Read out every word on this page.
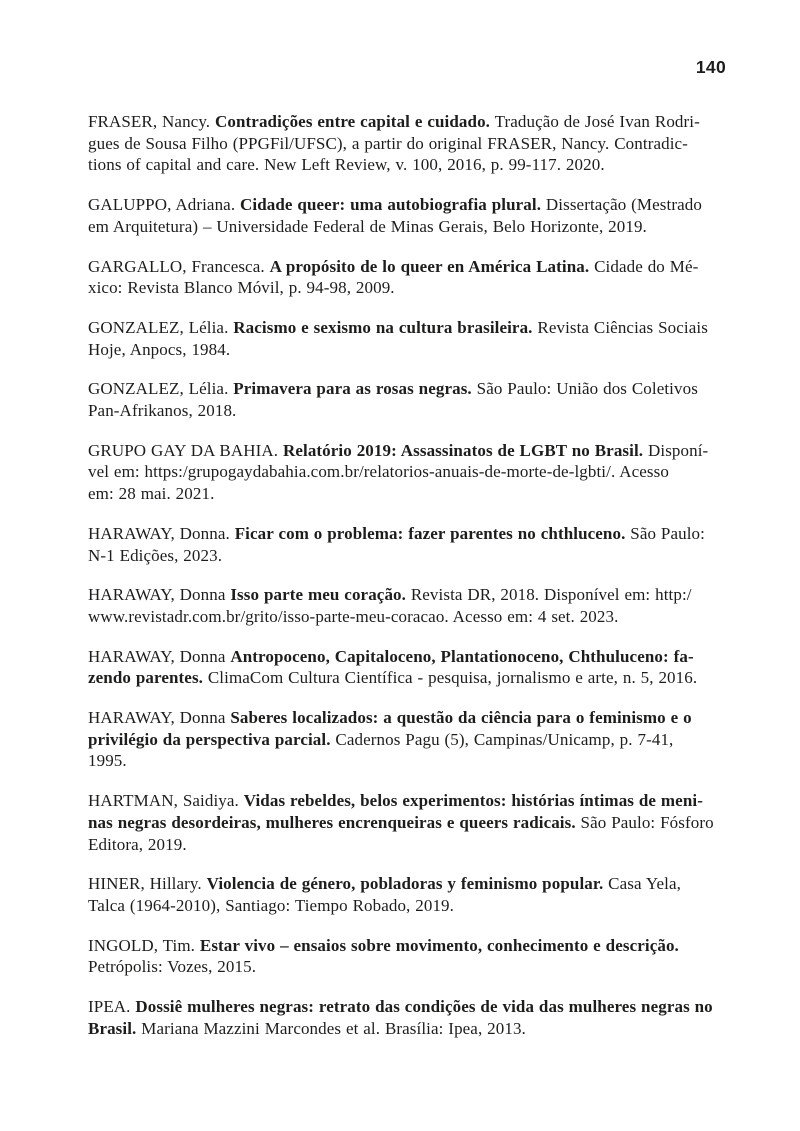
140

FRASER, Nancy. Contradições entre capital e cuidado. Tradução de José Ivan Rodri-
gues de Sousa Filho (PPGFil/UFSC), a partir do original FRASER, Nancy. Contradic-
tions of capital and care. New Left Review, v. 100, 2016, p. 99-117. 2020.

GALUPPO, Adriana. Cidade queer: uma autobiografia plural. Dissertação (Mestrado
em Arquitetura) – Universidade Federal de Minas Gerais, Belo Horizonte, 2019.

GARGALLO, Francesca. A propósito de lo queer en América Latina. Cidade do Mé-
xico: Revista Blanco Móvil, p. 94-98, 2009.

GONZALEZ, Lélia. Racismo e sexismo na cultura brasileira. Revista Ciências Sociais
Hoje, Anpocs, 1984.

GONZALEZ, Lélia. Primavera para as rosas negras. São Paulo: União dos Coletivos
Pan-Afrikanos, 2018.

GRUPO GAY DA BAHIA. Relatório 2019: Assassinatos de LGBT no Brasil. Disponí-
vel em: https:/grupogaydabahia.com.br/relatorios-anuais-de-morte-de-lgbti/. Acesso
em: 28 mai. 2021.

HARAWAY, Donna. Ficar com o problema: fazer parentes no chthluceno. São Paulo:
N-1 Edições, 2023.

HARAWAY, Donna Isso parte meu coração. Revista DR, 2018. Disponível em: http:/
www.revistadr.com.br/grito/isso-parte-meu-coracao. Acesso em: 4 set. 2023.

HARAWAY, Donna Antropoceno, Capitaloceno, Plantationoceno, Chthuluceno: fa-
zendo parentes. ClimaCom Cultura Científica - pesquisa, jornalismo e arte, n. 5, 2016.

HARAWAY, Donna Saberes localizados: a questão da ciência para o feminismo e o
privilégio da perspectiva parcial. Cadernos Pagu (5), Campinas/Unicamp, p. 7-41,
1995.

HARTMAN, Saidiya. Vidas rebeldes, belos experimentos: histórias íntimas de meni-
nas negras desordeiras, mulheres encrenqueiras e queers radicais. São Paulo: Fósforo
Editora, 2019.

HINER, Hillary. Violencia de género, pobladoras y feminismo popular. Casa Yela,
Talca (1964-2010), Santiago: Tiempo Robado, 2019.

INGOLD, Tim. Estar vivo – ensaios sobre movimento, conhecimento e descrição.
Petrópolis: Vozes, 2015.

IPEA. Dossiê mulheres negras: retrato das condições de vida das mulheres negras no
Brasil. Mariana Mazzini Marcondes et al. Brasília: Ipea, 2013.
